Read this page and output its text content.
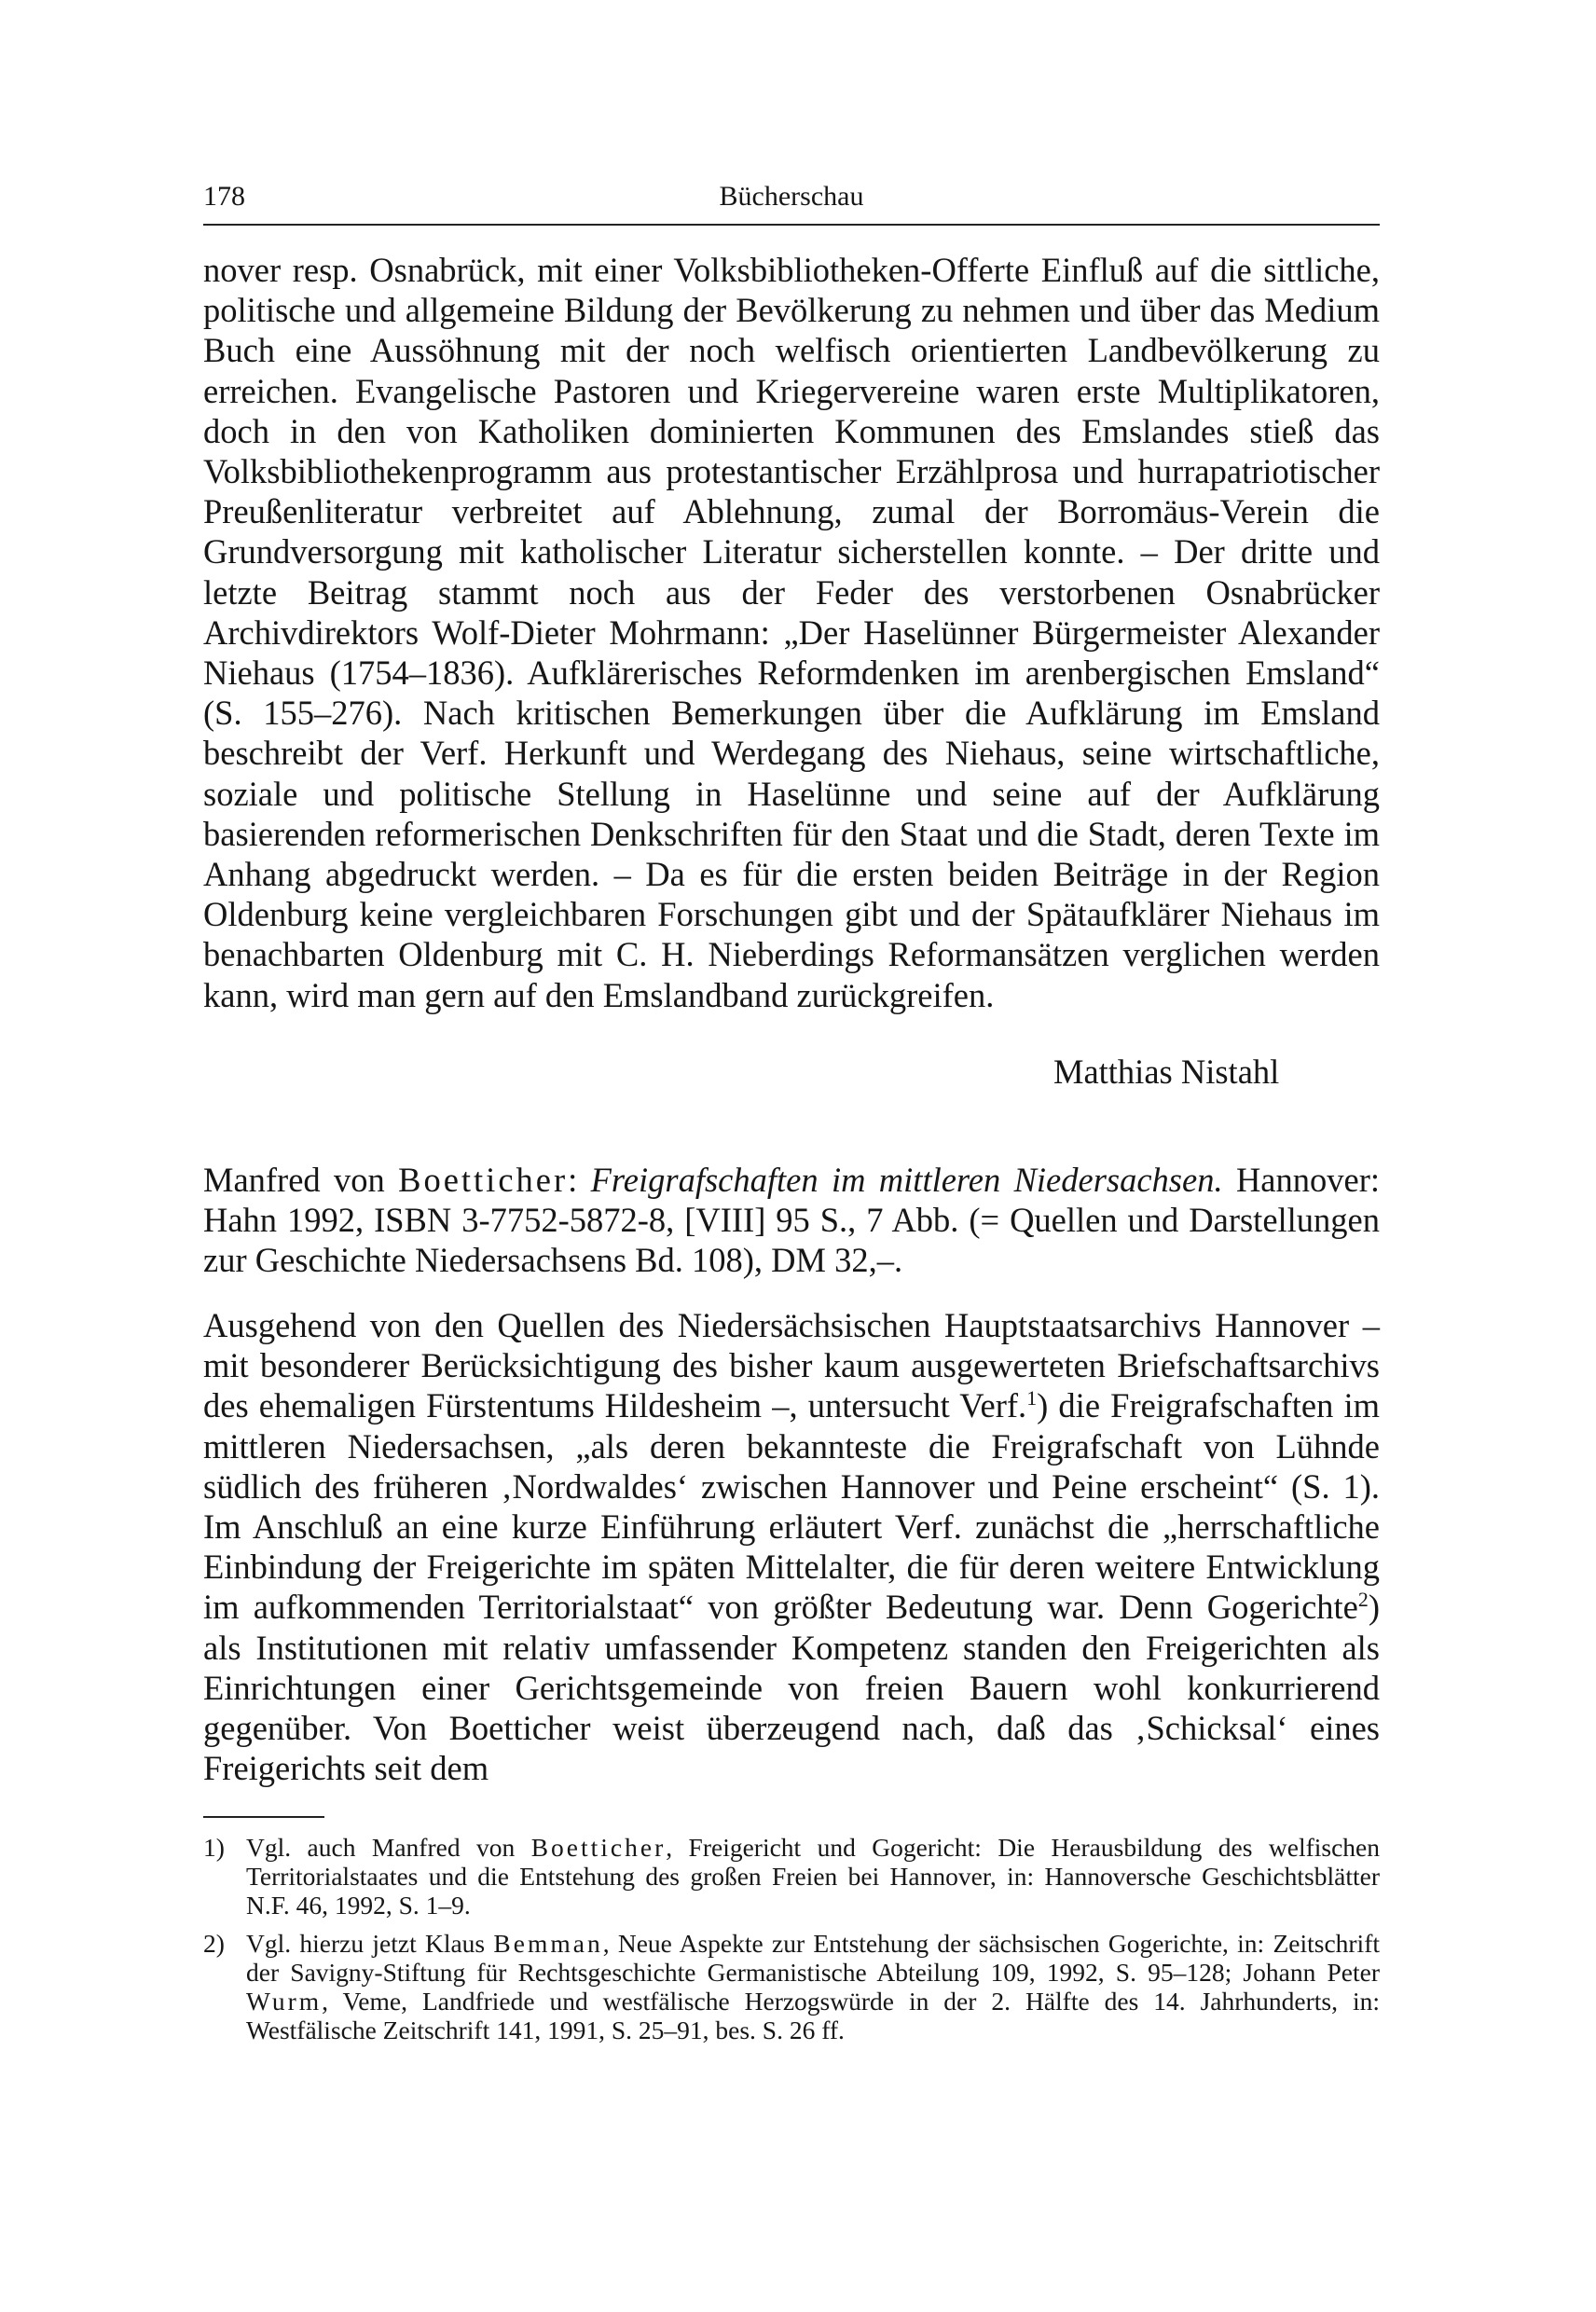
Bücherschau
178

nover resp. Osnabrück, mit einer Volksbibliotheken-Offerte Einfluß auf die sittliche, politische und allgemeine Bildung der Bevölkerung zu nehmen und über das Medium Buch eine Aussöhnung mit der noch welfisch orientierten Landbevölkerung zu erreichen. Evangelische Pastoren und Kriegervereine waren erste Multiplikatoren, doch in den von Katholiken dominierten Kommunen des Emslandes stieß das Volksbibliothekenprogramm aus protestantischer Erzählprosa und hurrapatriotischer Preußenliteratur verbreitet auf Ablehnung, zumal der Borromäus-Verein die Grundversorgung mit katholischer Literatur sicherstellen konnte. – Der dritte und letzte Beitrag stammt noch aus der Feder des verstorbenen Osnabrücker Archivdirektors Wolf-Dieter Mohrmann: „Der Haselünner Bürgermeister Alexander Niehaus (1754–1836). Aufklärerisches Reformdenken im arenbergischen Emsland“ (S. 155–276). Nach kritischen Bemerkungen über die Aufklärung im Emsland beschreibt der Verf. Herkunft und Werdegang des Niehaus, seine wirtschaftliche, soziale und politische Stellung in Haselünne und seine auf der Aufklärung basierenden reformerischen Denkschriften für den Staat und die Stadt, deren Texte im Anhang abgedruckt werden. – Da es für die ersten beiden Beiträge in der Region Oldenburg keine vergleichbaren Forschungen gibt und der Spätaufklärer Niehaus im benachbarten Oldenburg mit C. H. Nieberdings Reformansätzen verglichen werden kann, wird man gern auf den Emslandband zurückgreifen.

Matthias Nistahl

Manfred von Boetticher: Freigrafschaften im mittleren Niedersachsen. Hannover: Hahn 1992, ISBN 3-7752-5872-8, [VIII] 95 S., 7 Abb. (= Quellen und Darstellungen zur Geschichte Niedersachsens Bd. 108), DM 32,–.

Ausgehend von den Quellen des Niedersächsischen Hauptstaatsarchivs Hannover – mit besonderer Berücksichtigung des bisher kaum ausgewerteten Briefschaftsarchivs des ehemaligen Fürstentums Hildesheim –, untersucht Verf.$^1$) die Freigrafschaften im mittleren Niedersachsen, „als deren bekannteste die Freigrafschaft von Lühnde südlich des früheren ‚Nordwaldes‘ zwischen Hannover und Peine erscheint“ (S. 1). Im Anschluß an eine kurze Einführung erläutert Verf. zunächst die „herrschaftliche Einbindung der Freigerichte im späten Mittelalter, die für deren weitere Entwicklung im aufkommenden Territorialstaat“ von größter Bedeutung war. Denn Gogerichte$^2$) als Institutionen mit relativ umfassender Kompetenz standen den Freigerichten als Einrichtungen einer Gerichtsgemeinde von freien Bauern wohl konkurrierend gegenüber. Von Boetticher weist überzeugend nach, daß das ‚Schicksal‘ eines Freigerichts seit dem

1) Vgl. auch Manfred von Boetticher, Freigericht und Gogericht: Die Herausbildung des welfischen Territorialstaates und die Entstehung des großen Freien bei Hannover, in: Hannoversche Geschichtsblätter N.F. 46, 1992, S. 1–9.
2) Vgl. hierzu jetzt Klaus Bemman, Neue Aspekte zur Entstehung der sächsischen Gogerichte, in: Zeitschrift der Savigny-Stiftung für Rechtsgeschichte Germanistische Abteilung 109, 1992, S. 95–128; Johann Peter Wurm, Veme, Landfriede und westfälische Herzogswürde in der 2. Hälfte des 14. Jahrhunderts, in: Westfälische Zeitschrift 141, 1991, S. 25–91, bes. S. 26 ff.
